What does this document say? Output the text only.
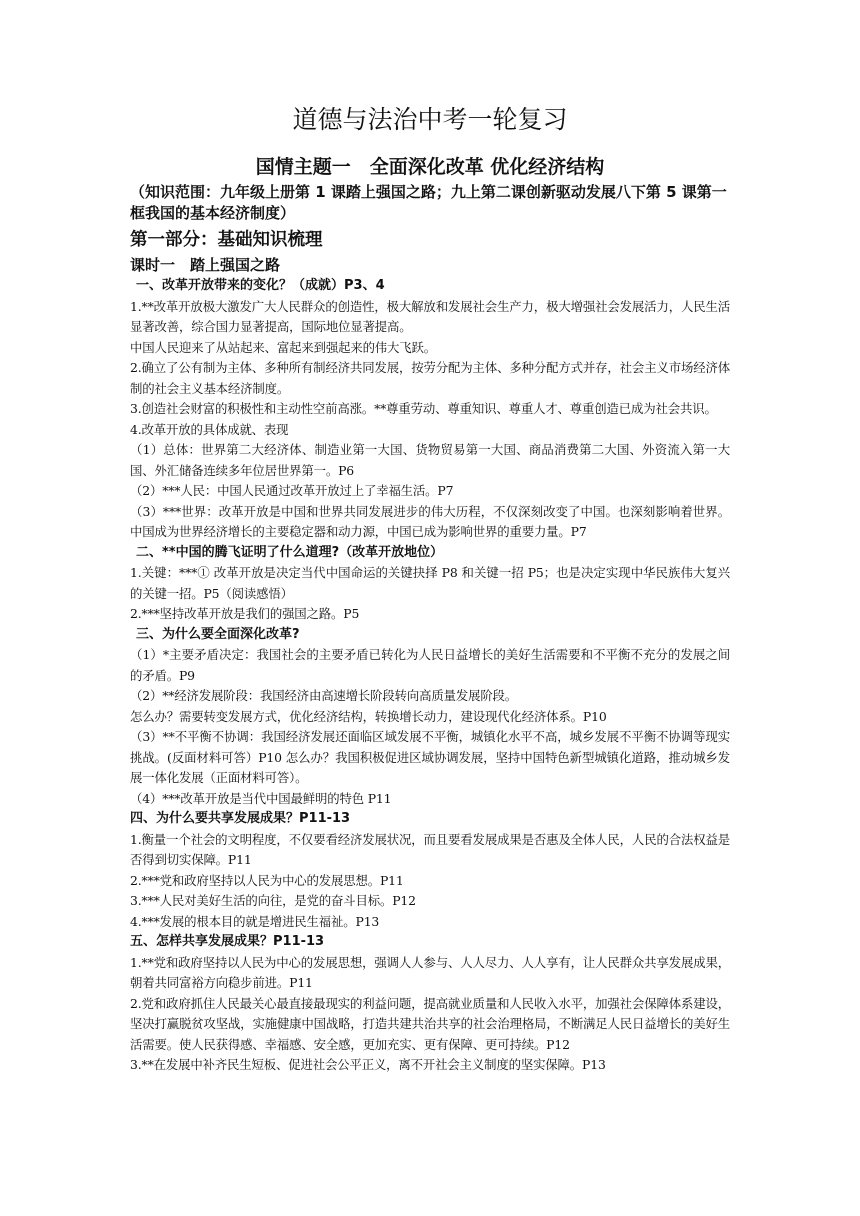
道德与法治中考一轮复习
国情主题一　全面深化改革 优化经济结构
（知识范围：九年级上册第 1 课踏上强国之路；九上第二课创新驱动发展八下第 5 课第一框我国的基本经济制度）
第一部分：基础知识梳理
课时一　踏上强国之路
一、改革开放带来的变化？（成就）P3、4
1.**改革开放极大激发广大人民群众的创造性，极大解放和发展社会生产力，极大增强社会发展活力，人民生活显著改善，综合国力显著提高，国际地位显著提高。
中国人民迎来了从站起来、富起来到强起来的伟大飞跃。
2.确立了公有制为主体、多种所有制经济共同发展，按劳分配为主体、多种分配方式并存，社会主义市场经济体制的社会主义基本经济制度。
3.创造社会财富的积极性和主动性空前高涨。**尊重劳动、尊重知识、尊重人才、尊重创造已成为社会共识。
4.改革开放的具体成就、表现
（1）总体：世界第二大经济体、制造业第一大国、货物贸易第一大国、商品消费第二大国、外资流入第一大国、外汇储备连续多年位居世界第一。P6
（2）***人民：中国人民通过改革开放过上了幸福生活。P7
（3）***世界：改革开放是中国和世界共同发展进步的伟大历程，不仅深刻改变了中国。也深刻影响着世界。中国成为世界经济增长的主要稳定器和动力源，中国已成为影响世界的重要力量。P7
二、**中国的腾飞证明了什么道理?（改革开放地位）
1.关键：***① 改革开放是决定当代中国命运的关键抉择 P8 和关键一招 P5；也是决定实现中华民族伟大复兴的关键一招。P5（阅读感悟）
2.***坚持改革开放是我们的强国之路。P5
三、为什么要全面深化改革?
（1）*主要矛盾决定：我国社会的主要矛盾已转化为人民日益增长的美好生活需要和不平衡不充分的发展之间的矛盾。P9
（2）**经济发展阶段：我国经济由高速增长阶段转向高质量发展阶段。
怎么办？需要转变发展方式，优化经济结构，转换增长动力，建设现代化经济体系。P10
（3）**不平衡不协调：我国经济发展还面临区域发展不平衡，城镇化水平不高，城乡发展不平衡不协调等现实挑战。(反面材料可答）P10 怎么办？我国积极促进区域协调发展，坚持中国特色新型城镇化道路，推动城乡发展一体化发展（正面材料可答）。
（4）***改革开放是当代中国最鲜明的特色 P11
四、为什么要共享发展成果？P11-13
1.衡量一个社会的文明程度，不仅要看经济发展状况，而且要看发展成果是否惠及全体人民，人民的合法权益是否得到切实保障。P11
2.***党和政府坚持以人民为中心的发展思想。P11
3.***人民对美好生活的向往，是党的奋斗目标。P12
4.***发展的根本目的就是增进民生福祉。P13
五、怎样共享发展成果？P11-13
1.**党和政府坚持以人民为中心的发展思想，强调人人参与、人人尽力、人人享有，让人民群众共享发展成果，朝着共同富裕方向稳步前进。P11
2.党和政府抓住人民最关心最直接最现实的利益问题，提高就业质量和人民收入水平，加强社会保障体系建设，坚决打赢脱贫攻坚战，实施健康中国战略，打造共建共治共享的社会治理格局，不断满足人民日益增长的美好生活需要。使人民获得感、幸福感、安全感，更加充实、更有保障、更可持续。P12
3.**在发展中补齐民生短板、促进社会公平正义，离不开社会主义制度的坚实保障。P13
